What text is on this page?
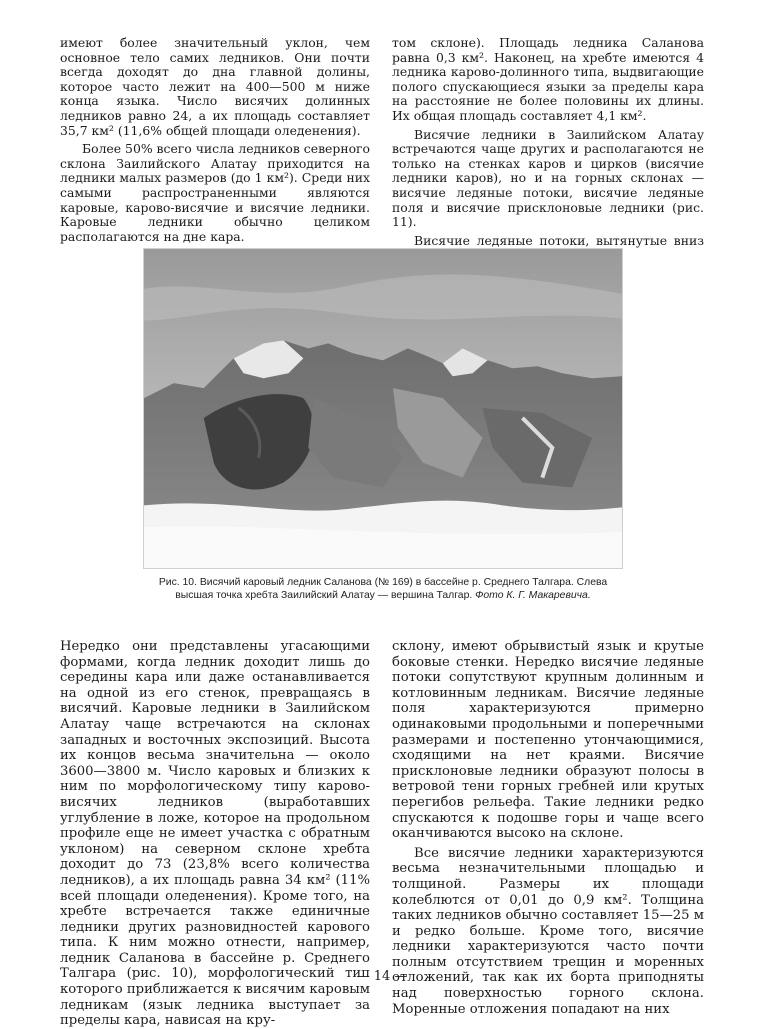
имеют более значительный уклон, чем основное тело самих ледников. Они почти всегда доходят до дна главной долины, которое часто лежит на 400—500 м ниже конца языка. Число висячих долинных ледников равно 24, а их площадь составляет 35,7 км² (11,6% общей площади оледенения).

Более 50% всего числа ледников северного склона Заилийского Алатау приходится на ледники малых размеров (до 1 км²). Среди них самыми распространенными являются каровые, карово-висячие и висячие ледники. Каровые ледники обычно целиком располагаются на дне кара.

том склоне). Площадь ледника Саланова равна 0,3 км². Наконец, на хребте имеются 4 ледника карово-долинного типа, выдвигающие полого спускающиеся языки за пределы кара на расстояние не более половины их длины. Их общая площадь составляет 4,1 км².

Висячие ледники в Заилийском Алатау встречаются чаще других и располагаются не только на стенках каров и цирков (висячие ледники каров), но и на горных склонах — висячие ледяные потоки, висячие ледяные поля и висячие присклоновые ледники (рис. 11).

Висячие ледяные потоки, вытянутые вниз

Рис. 10. Висячий каровый ледник Саланова (№ 169) в бассейне р. Среднего Талгара. Слева высшая точка хребта Заилийский Алатау — вершина Талгар. Фото К. Г. Макаревича.

Нередко они представлены угасающими формами, когда ледник доходит лишь до середины кара или даже останавливается на одной из его стенок, превращаясь в висячий. Каровые ледники в Заилийском Алатау чаще встречаются на склонах западных и восточных экспозиций. Высота их концов весьма значительна — около 3600—3800 м. Число каровых и близких к ним по морфологическому типу карово-висячих ледников (выработавших углубление в ложе, которое на продольном профиле еще не имеет участка с обратным уклоном) на северном склоне хребта доходит до 73 (23,8% всего количества ледников), а их площадь равна 34 км² (11% всей площади оледенения). Кроме того, на хребте встречается также единичные ледники других разновидностей карового типа. К ним можно отнести, например, ледник Саланова в бассейне р. Среднего Талгара (рис. 10), морфологический тип которого приближается к висячим каровым ледникам (язык ледника выступает за пределы кара, нависая на кру-

склону, имеют обрывистый язык и крутые боковые стенки. Нередко висячие ледяные потоки сопутствуют крупным долинным и котловинным ледникам. Висячие ледяные поля характеризуются примерно одинаковыми продольными и поперечными размерами и постепенно утончающимися, сходящими на нет краями. Висячие присклоновые ледники образуют полосы в ветровой тени горных гребней или крутых перегибов рельефа. Такие ледники редко спускаются к подошве горы и чаще всего оканчиваются высоко на склоне.

Все висячие ледники характеризуются весьма незначительными площадью и толщиной. Размеры их площади колеблются от 0,01 до 0,9 км². Толщина таких ледников обычно составляет 15—25 м и редко больше. Кроме того, висячие ледники характеризуются часто почти полным отсутствием трещин и моренных отложений, так как их борта приподняты над поверхностью горного склона. Моренные отложения попадают на них

— 14 —
